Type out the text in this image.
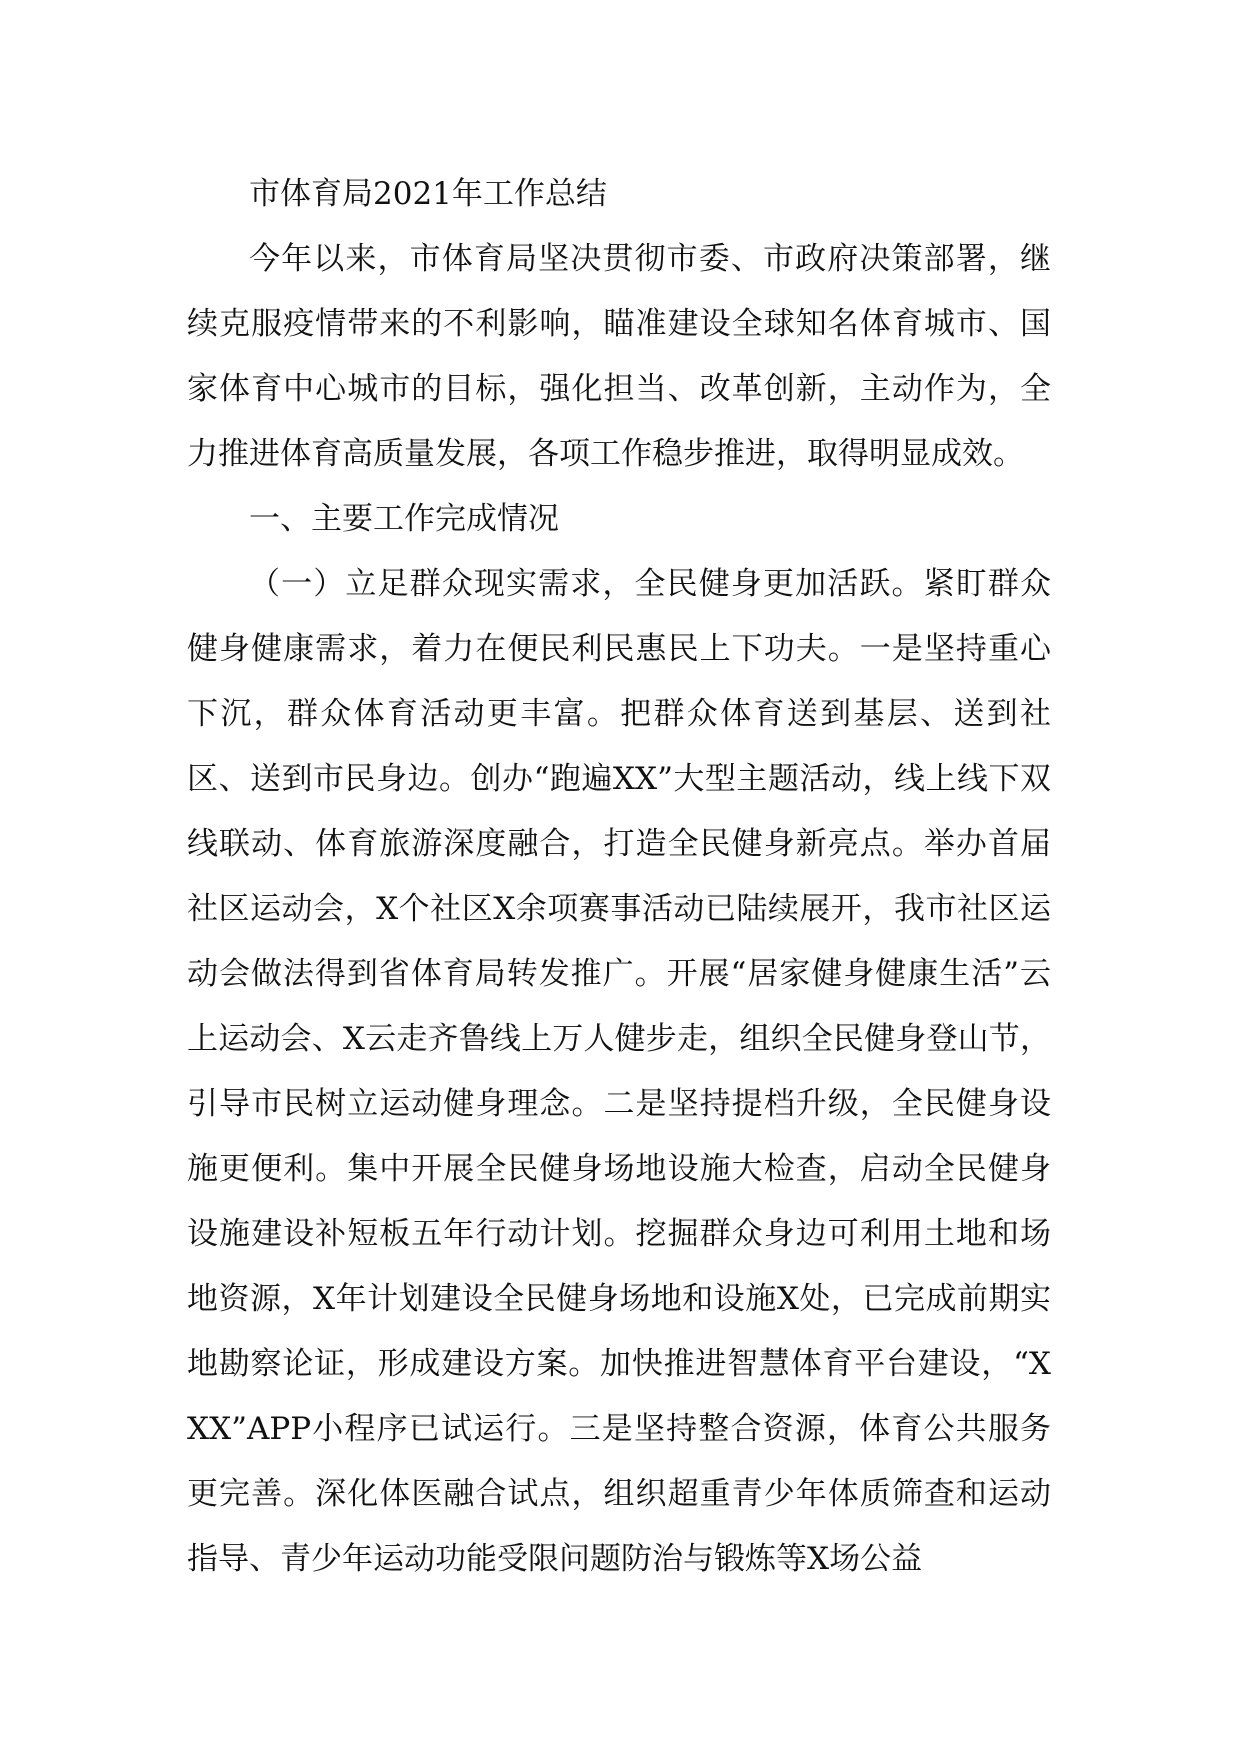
市体育局2021年工作总结

今年以来，市体育局坚决贯彻市委、市政府决策部署，继续克服疫情带来的不利影响，瞄准建设全球知名体育城市、国家体育中心城市的目标，强化担当、改革创新，主动作为，全力推进体育高质量发展，各项工作稳步推进，取得明显成效。

一、主要工作完成情况

（一）立足群众现实需求，全民健身更加活跃。紧盯群众健身健康需求，着力在便民利民惠民上下功夫。一是坚持重心下沉，群众体育活动更丰富。把群众体育送到基层、送到社区、送到市民身边。创办“跑遍XX”大型主题活动，线上线下双线联动、体育旅游深度融合，打造全民健身新亮点。举办首届社区运动会，X个社区X余项赛事活动已陆续展开，我市社区运动会做法得到省体育局转发推广。开展“居家健身健康生活”云上运动会、X云走齐鲁线上万人健步走，组织全民健身登山节，引导市民树立运动健身理念。二是坚持提档升级，全民健身设施更便利。集中开展全民健身场地设施大检查，启动全民健身设施建设补短板五年行动计划。挖掘群众身边可利用土地和场地资源，X年计划建设全民健身场地和设施X处，已完成前期实地勘察论证，形成建设方案。加快推进智慧体育平台建设，“XXX”APP小程序已试运行。三是坚持整合资源，体育公共服务更完善。深化体医融合试点，组织超重青少年体质筛查和运动指导、青少年运动功能受限问题防治与锻炼等X场公益
